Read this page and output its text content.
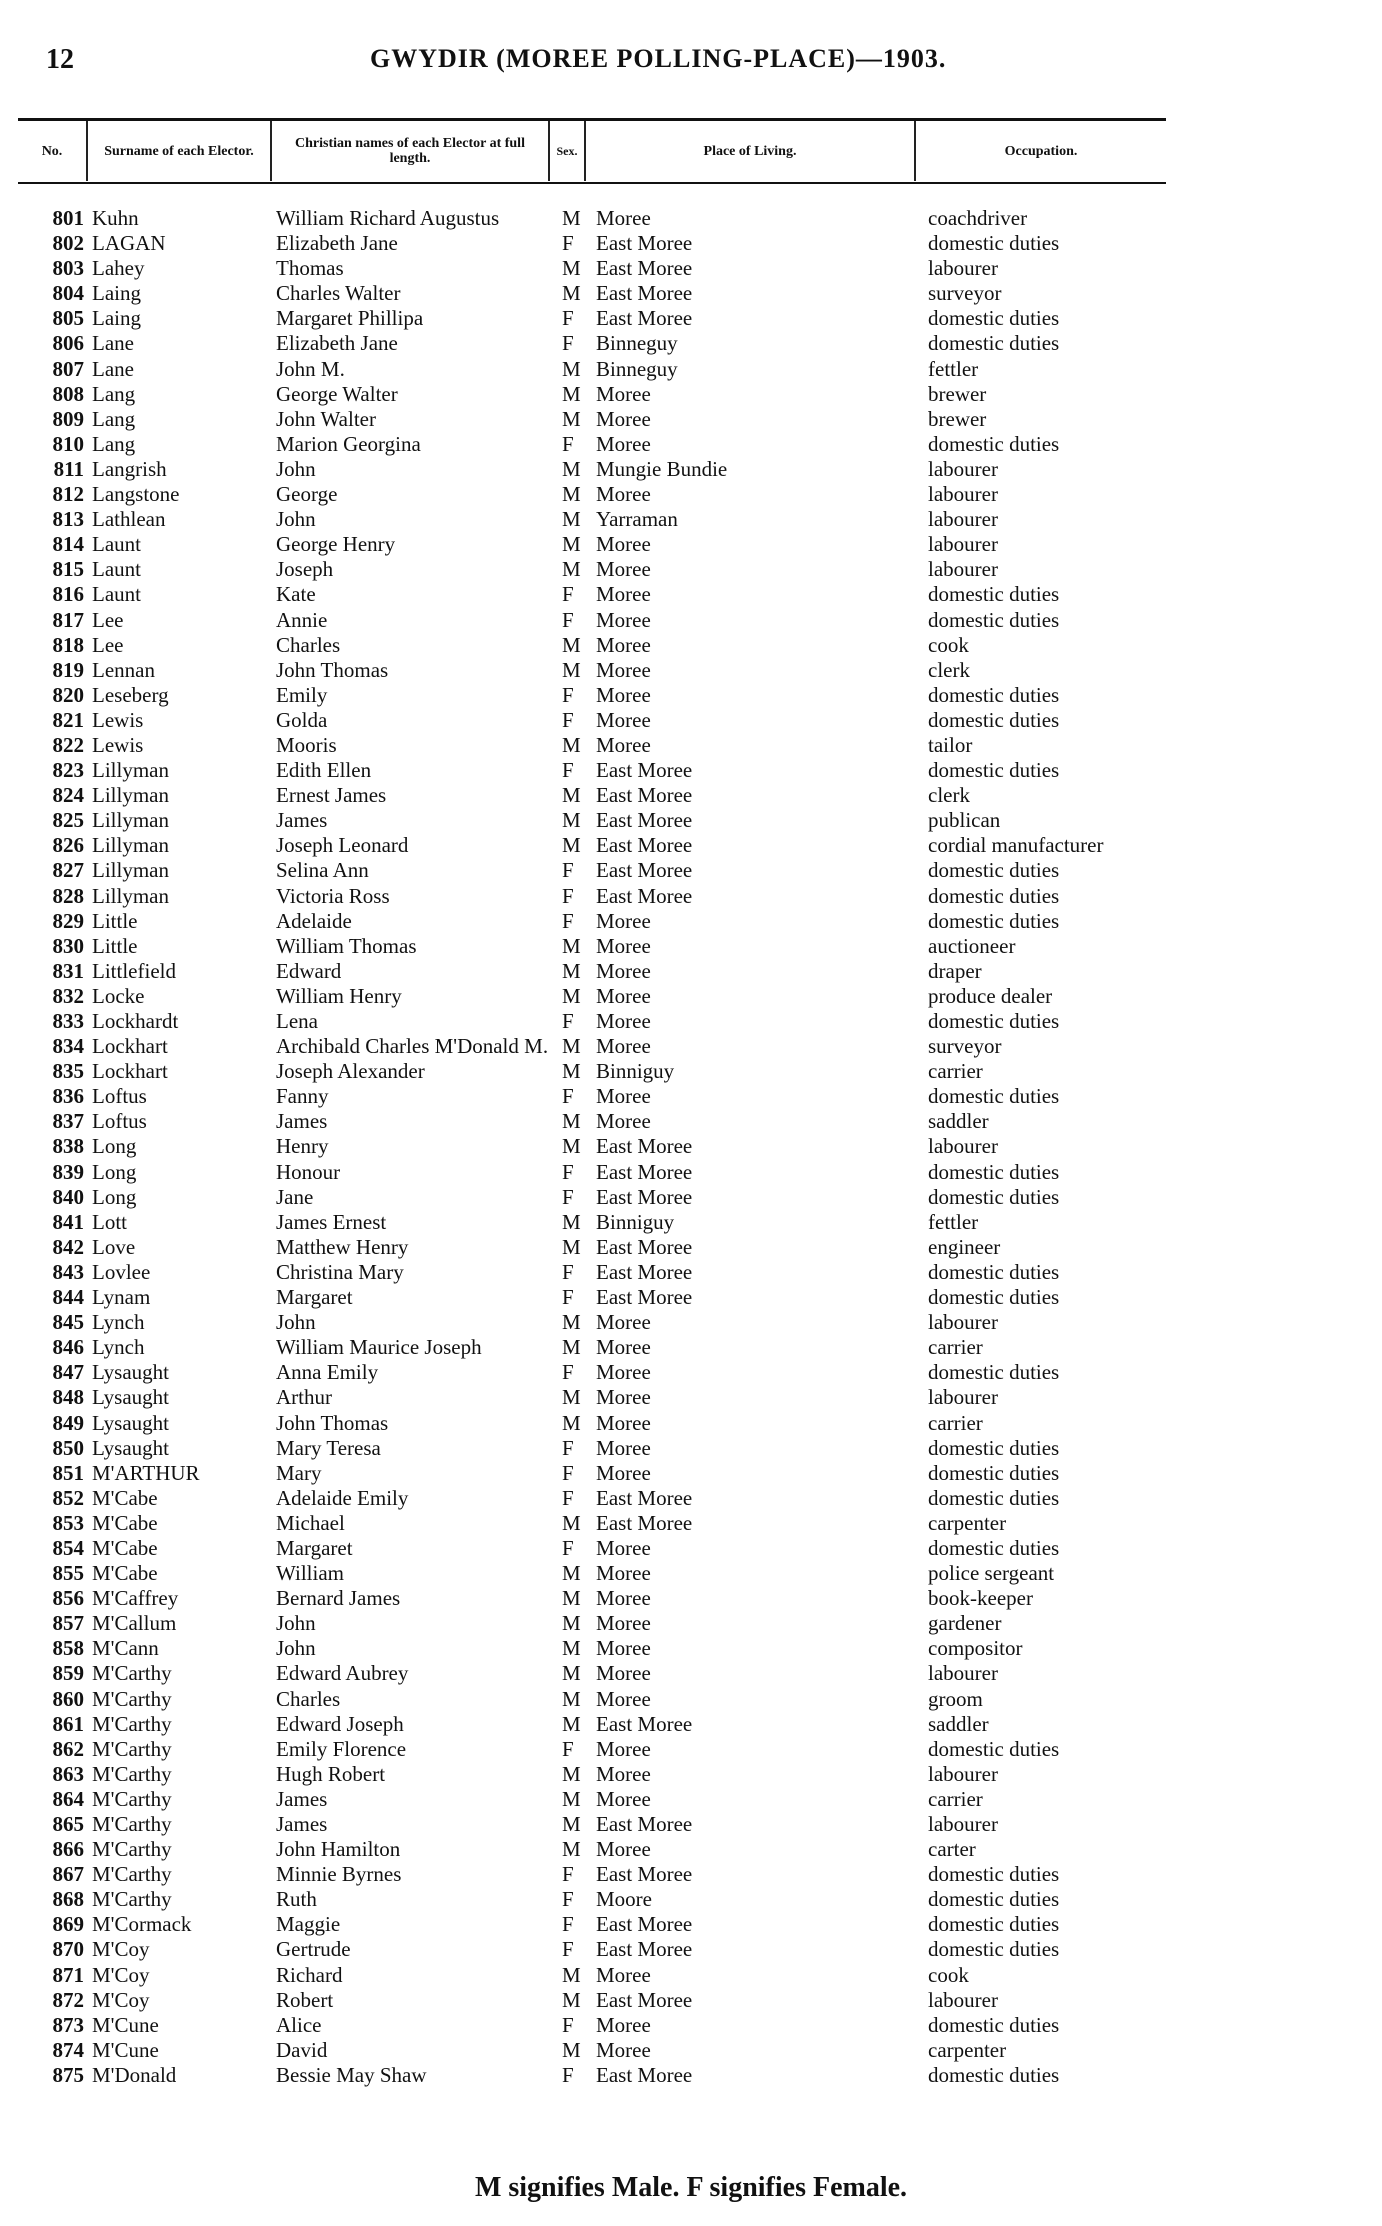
12	GWYDIR (MOREE POLLING-PLACE)—1903.
No.	Surname of each Elector.	Christian names of each Elector at full length.
Sex.	Place of Living.	Occupation.
801 Kuhn	William Richard Augustus	M Moree	coachdriver
802 LAGAN	Elizabeth Jane	F East Moree	domestic duties
803 Lahey	Thomas	M East Moree	labourer
804 Laing	Charles Walter	M East Moree	surveyor
805 Laing	Margaret Phillipa	F East Moree	domestic duties
806 Lane	Elizabeth Jane	F Binneguy	domestic duties
807 Lane	John M.	M Binneguy	fettler
808 Lang	George Walter	M Moree	brewer
809 Lang	John Walter	M Moree	brewer
810 Lang	Marion Georgina	F Moree	domestic duties
811 Langrish	John	M Mungie Bundie	labourer
812 Langstone	George	M Moree	labourer
813 Lathlean	John	M Yarraman	labourer
814 Launt	George Henry	M Moree	labourer
815 Launt	Joseph	M Moree	labourer
816 Launt	Kate	F Moree	domestic duties
817 Lee	Annie	F Moree	domestic duties
818 Lee	Charles	M Moree	cook
819 Lennan	John Thomas	M Moree	clerk
820 Leseberg	Emily	F Moree	domestic duties
821 Lewis	Golda	F Moree	domestic duties
822 Lewis	Mooris	M Moree	tailor
823 Lillyman	Edith Ellen	F East Moree	domestic duties
824 Lillyman	Ernest James	M East Moree	clerk
825 Lillyman	James	M East Moree	publican
826 Lillyman	Joseph Leonard	M East Moree	cordial manufacturer
827 Lillyman	Selina Ann	F East Moree	domestic duties
828 Lillyman	Victoria Ross	F East Moree	domestic duties
829 Little	Adelaide	F Moree	domestic duties
830 Little	William Thomas	M Moree	auctioneer
831 Littlefield	Edward	M Moree	draper
832 Locke	William Henry	M Moree	produce dealer
833 Lockhardt	Lena	F Moree	domestic duties
834 Lockhart	Archibald Charles M'Donald M. M Moree	surveyor
835 Lockhart	Joseph Alexander	M Binniguy	carrier
836 Loftus	Fanny	F Moree	domestic duties
837 Loftus	James	M Moree	saddler
838 Long	Henry	M East Moree	labourer
839 Long	Honour	F East Moree	domestic duties
840 Long	Jane	F East Moree	domestic duties
841 Lott	James Ernest	M Binniguy	fettler
842 Love	Matthew Henry	M East Moree	engineer
843 Lovlee	Christina Mary	F East Moree	domestic duties
844 Lynam	Margaret	F East Moree	domestic duties
845 Lynch	John	M Moree	labourer
846 Lynch	William Maurice Joseph	M Moree	carrier
847 Lysaught	Anna Emily	F Moree	domestic duties
848 Lysaught	Arthur	M Moree	labourer
849 Lysaught	John Thomas	M Moree	carrier
850 Lysaught	Mary Teresa	F Moree	domestic duties
851 M'ARTHUR	Mary	F Moree	domestic duties
852 M'Cabe	Adelaide Emily	F East Moree	domestic duties
853 M'Cabe	Michael	M East Moree	carpenter
854 M'Cabe	Margaret	F Moree	domestic duties
855 M'Cabe	William	M Moree	police sergeant
856 M'Caffrey	Bernard James	M Moree	book-keeper
857 M'Callum	John	M Moree	gardener
858 M'Cann	John	M Moree	compositor
859 M'Carthy	Edward Aubrey	M Moree	labourer
860 M'Carthy	Charles	M Moree	groom
861 M'Carthy	Edward Joseph	M East Moree	saddler
862 M'Carthy	Emily Florence	F Moree	domestic duties
863 M'Carthy	Hugh Robert	M Moree	labourer
864 M'Carthy	James	M Moree	carrier
865 M'Carthy	James	M East Moree	labourer
866 M'Carthy	John Hamilton	M Moree	carter
867 M'Carthy	Minnie Byrnes	F East Moree	domestic duties
868 M'Carthy	Ruth	F Moore	domestic duties
869 M'Cormack	Maggie	F East Moree	domestic duties
870 M'Coy	Gertrude	F East Moree	domestic duties
871 M'Coy	Richard	M Moree	cook
872 M'Coy	Robert	M East Moree	labourer
873 M'Cune	Alice	F Moree	domestic duties
874 M'Cune	David	M Moree	carpenter
875 M'Donald	Bessie May Shaw	F East Moree	domestic duties
M signifies Male. F signifies Female.
